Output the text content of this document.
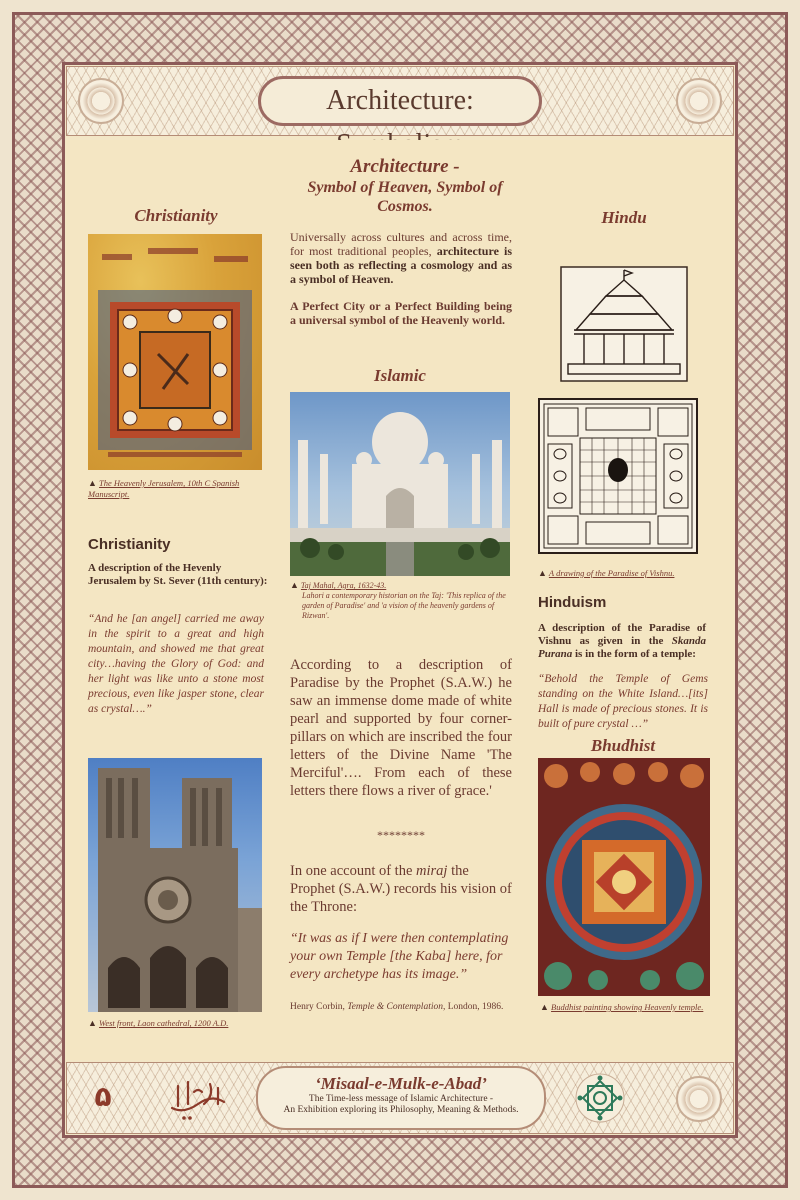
Architecture:
Christianity
▲ The Heavenly Jerusalem, 10th C Spanish Manuscript.
Christianity
A description of the Hevenly Jerusalem by St. Sever (11th century):
“And he [an angel] carried me away in the spirit to a great and high mountain, and showed me that great city…having the Glory of God: and her light was like unto a stone most precious, even like jasper stone, clear as crystal….”
▲ West front, Laon cathedral, 1200 A.D.
Architecture -
Symbol of Heaven, Symbol of Cosmos.
Universally across cultures and across time, for most traditional peoples, architecture is seen both as reflecting a cosmology and as a symbol of Heaven.
A Perfect City or a Perfect Building being a universal symbol of the Heavenly world.
Islamic
▲ Taj Mahal, Agra, 1632-43.
Lahori a contemporary historian on the Taj: 'This replica of the garden of Paradise' and 'a vision of the heavenly gardens of Rizwan'.
According to a description of Paradise by the Prophet (S.A.W.) he saw an immense dome made of white pearl and supported by four corner-pillars on which are inscribed the four letters of the Divine Name 'The Merciful'…. From each of these letters there flows a river of grace.'
********
In one account of the miraj the Prophet (S.A.W.) records his vision of the Throne:
“It was as if I were then contemplating your own Temple [the Kaba] here, for every archetype has its image.”
Henry Corbin, Temple & Contemplation, London, 1986.
Hindu
▲ A drawing of the Paradise of Vishnu.
Hinduism
A description of the Paradise of Vishnu as given in the Skanda Purana is in the form of a temple:
“Behold the Temple of Gems standing on the White Island…[its] Hall is made of precious stones. It is built of pure crystal …”
Bhudhist
▲ Buddhist painting showing Heavenly temple.
۵	‘Misaal-e-Mulk-e-Abad’
The Time-less message of Islamic Architecture -
An Exhibition exploring its Philosophy, Meaning & Methods.
